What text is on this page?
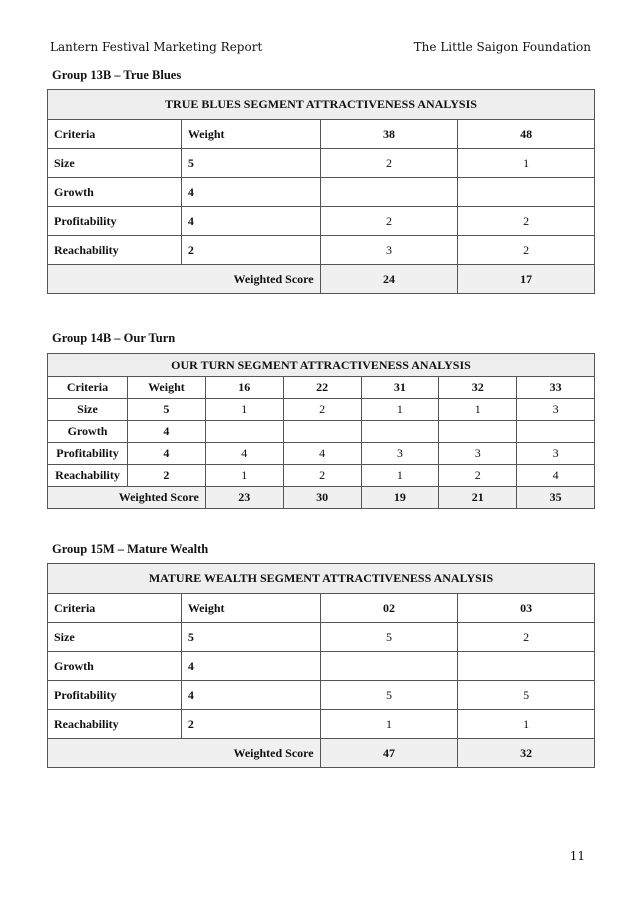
Lantern Festival Marketing Report	The Little Saigon Foundation
Group 13B – True Blues
TRUE BLUES SEGMENT ATTRACTIVENESS ANALYSIS			
Criteria	Weight	38	48
Size	5	2	1
Growth	4		
Profitability	4	2	2
Reachability	2	3	2
Weighted Score		24	17
Group 14B – Our Turn
OUR TURN SEGMENT ATTRACTIVENESS ANALYSIS						
Criteria	Weight	16	22	31	32	33
Size	5	1	2	1	1	3
Growth	4					
Profitability	4	4	4	3	3	3
Reachability	2	1	2	1	2	4
Weighted Score		23	30	19	21	35
Group 15M – Mature Wealth
MATURE WEALTH SEGMENT ATTRACTIVENESS ANALYSIS			
Criteria	Weight	02	03
Size	5	5	2
Growth	4		
Profitability	4	5	5
Reachability	2	1	1
Weighted Score		47	32
11
